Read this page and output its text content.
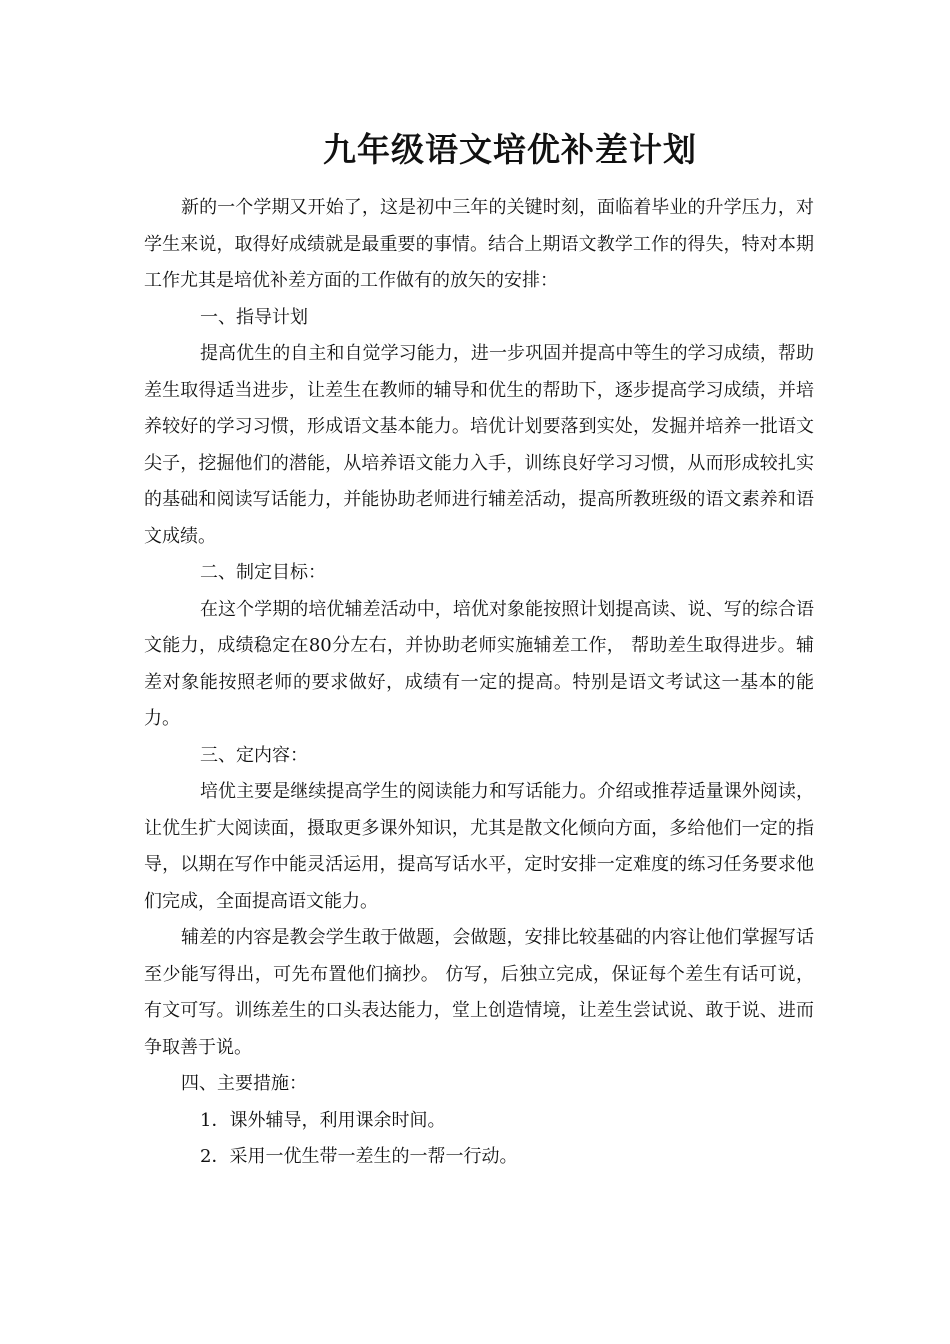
九年级语文培优补差计划

新的一个学期又开始了，这是初中三年的关键时刻，面临着毕业的升学压力，对学生来说，取得好成绩就是最重要的事情。结合上期语文教学工作的得失，特对本期工作尤其是培优补差方面的工作做有的放矢的安排：

一、指导计划

提高优生的自主和自觉学习能力，进一步巩固并提高中等生的学习成绩，帮助差生取得适当进步，让差生在教师的辅导和优生的帮助下，逐步提高学习成绩，并培养较好的学习习惯，形成语文基本能力。培优计划要落到实处，发掘并培养一批语文尖子，挖掘他们的潜能，从培养语文能力入手，训练良好学习习惯，从而形成较扎实的基础和阅读写话能力，并能协助老师进行辅差活动，提高所教班级的语文素养和语文成绩。

二、制定目标：

在这个学期的培优辅差活动中，培优对象能按照计划提高读、说、写的综合语文能力，成绩稳定在80分左右，并协助老师实施辅差工作， 帮助差生取得进步。辅差对象能按照老师的要求做好，成绩有一定的提高。特别是语文考试这一基本的能力。

三、定内容：

培优主要是继续提高学生的阅读能力和写话能力。介绍或推荐适量课外阅读，让优生扩大阅读面，摄取更多课外知识，尤其是散文化倾向方面，多给他们一定的指导，以期在写作中能灵活运用，提高写话水平，定时安排一定难度的练习任务要求他们完成，全面提高语文能力。

辅差的内容是教会学生敢于做题，会做题，安排比较基础的内容让他们掌握写话至少能写得出，可先布置他们摘抄。 仿写，后独立完成，保证每个差生有话可说，有文可写。训练差生的口头表达能力，堂上创造情境，让差生尝试说、敢于说、进而争取善于说。

四、主要措施：

1．课外辅导，利用课余时间。

2．采用一优生带一差生的一帮一行动。
